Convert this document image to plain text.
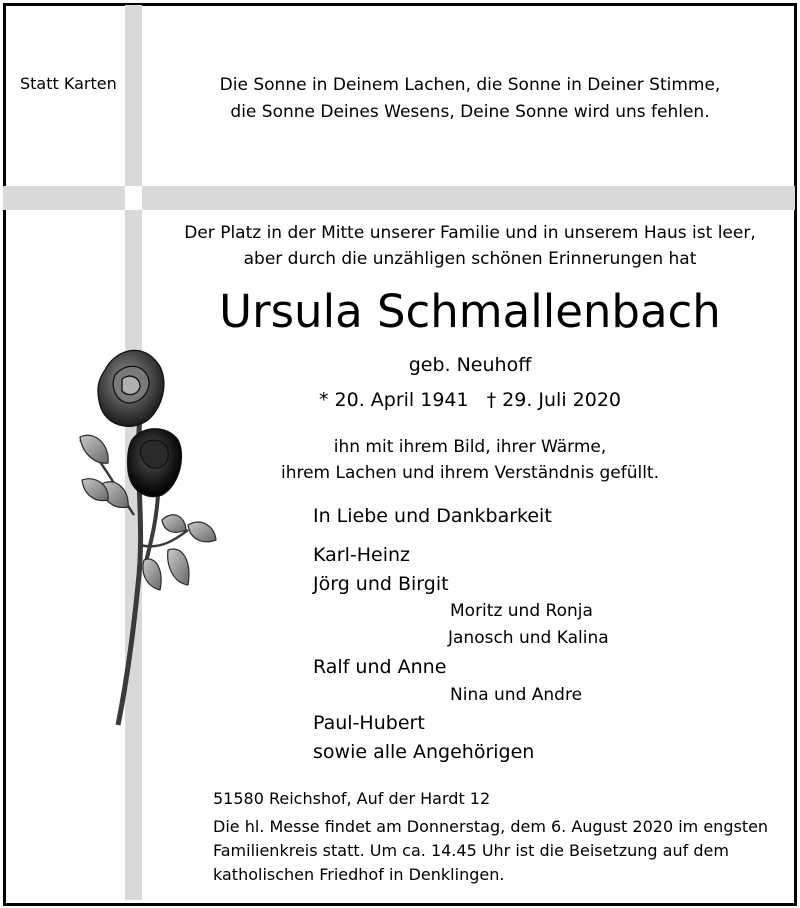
Statt Karten	Die Sonne in Deinem Lachen, die Sonne in Deiner Stimme,
die Sonne Deines Wesens, Deine Sonne wird uns fehlen.
Der Platz in der Mitte unserer Familie und in unserem Haus ist leer,
aber durch die unzähligen schönen Erinnerungen hat
Ursula Schmallenbach
geb. Neuhoff
* 20. April 1941 † 29. Juli 2020
ihn mit ihrem Bild, ihrer Wärme,
ihrem Lachen und ihrem Verständnis gefüllt.
In Liebe und Dankbarkeit
Karl-Heinz
Jörg und Birgit
Moritz und Ronja
Janosch und Kalina
Ralf und Anne
Nina und Andre
Paul-Hubert
sowie alle Angehörigen
51580 Reichshof, Auf der Hardt 12
Die hl. Messe findet am Donnerstag, dem 6. August 2020 im engsten Familienkreis statt. Um ca. 14.45 Uhr ist die Beisetzung auf dem katholischen Friedhof in Denklingen.
